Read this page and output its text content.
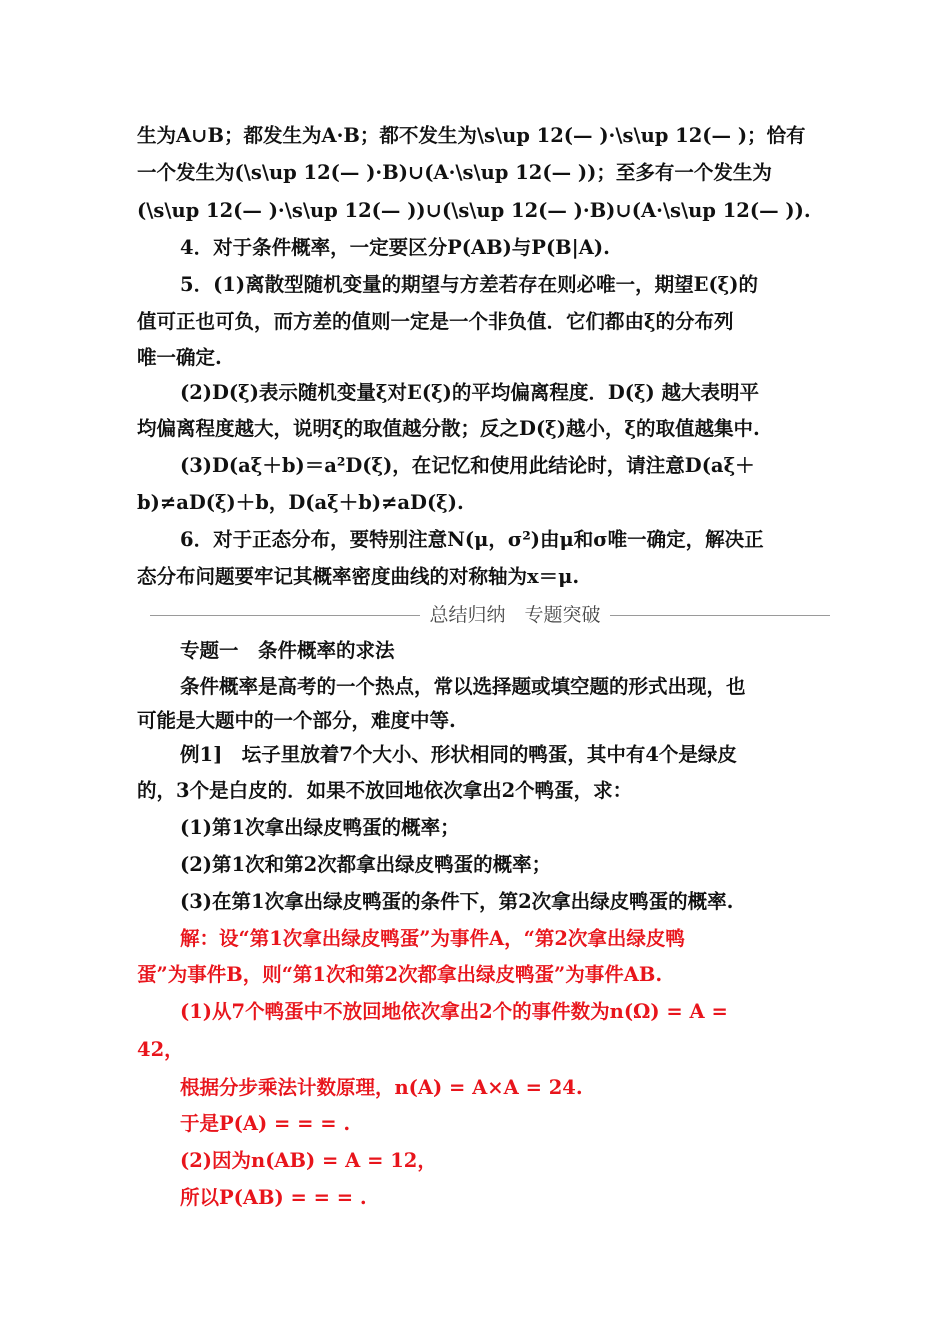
生为A∪B；都发生为A·B；都不发生为\s\up 12(— )·\s\up 12(— )；恰有
一个发生为(\s\up 12(— )·B)∪(A·\s\up 12(— ))；至多有一个发生为
(\s\up 12(— )·\s\up 12(— ))∪(\s\up 12(— )·B)∪(A·\s\up 12(— )).
4．对于条件概率，一定要区分P(AB)与P(B|A).
5．(1)离散型随机变量的期望与方差若存在则必唯一，期望E(ξ)的
值可正也可负，而方差的值则一定是一个非负值．它们都由ξ的分布列
唯一确定.
(2)D(ξ)表示随机变量ξ对E(ξ)的平均偏离程度．D(ξ) 越大表明平
均偏离程度越大，说明ξ的取值越分散；反之D(ξ)越小，ξ的取值越集中.
(3)D(aξ＋b)＝a²D(ξ)，在记忆和使用此结论时，请注意D(aξ＋
b)≠aD(ξ)＋b，D(aξ＋b)≠aD(ξ).
6．对于正态分布，要特别注意N(μ，σ²)由μ和σ唯一确定，解决正
态分布问题要牢记其概率密度曲线的对称轴为x＝μ.
总结归纳　专题突破
专题一　条件概率的求法
条件概率是高考的一个热点，常以选择题或填空题的形式出现，也
可能是大题中的一个部分，难度中等.
例1]　坛子里放着7个大小、形状相同的鸭蛋，其中有4个是绿皮
的，3个是白皮的．如果不放回地依次拿出2个鸭蛋，求：
(1)第1次拿出绿皮鸭蛋的概率；
(2)第1次和第2次都拿出绿皮鸭蛋的概率；
(3)在第1次拿出绿皮鸭蛋的条件下，第2次拿出绿皮鸭蛋的概率.
解：设“第1次拿出绿皮鸭蛋”为事件A，“第2次拿出绿皮鸭
蛋”为事件B，则“第1次和第2次都拿出绿皮鸭蛋”为事件AB.
(1)从7个鸭蛋中不放回地依次拿出2个的事件数为n(Ω) = A =
42，
根据分步乘法计数原理，n(A) = A×A = 24.
于是P(A) = = = .
(2)因为n(AB) = A = 12，
所以P(AB) = = = .
